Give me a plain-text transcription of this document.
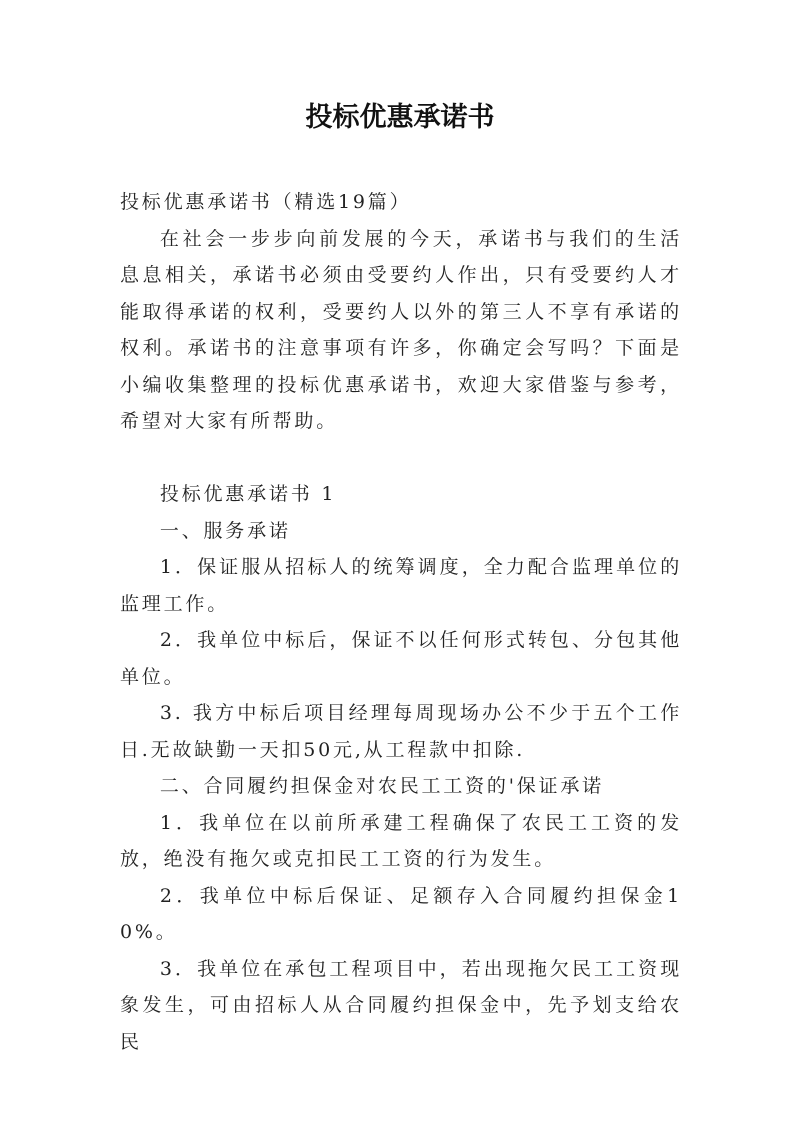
投标优惠承诺书

投标优惠承诺书（精选19篇）

在社会一步步向前发展的今天，承诺书与我们的生活息息相关，承诺书必须由受要约人作出，只有受要约人才能取得承诺的权利，受要约人以外的第三人不享有承诺的权利。承诺书的注意事项有许多，你确定会写吗？下面是小编收集整理的投标优惠承诺书，欢迎大家借鉴与参考，希望对大家有所帮助。

投标优惠承诺书 1

一、服务承诺

1．保证服从招标人的统筹调度，全力配合监理单位的监理工作。

2．我单位中标后，保证不以任何形式转包、分包其他单位。

3. 我方中标后项目经理每周现场办公不少于五个工作日.无故缺勤一天扣50元,从工程款中扣除.

二、合同履约担保金对农民工工资的'保证承诺

1．我单位在以前所承建工程确保了农民工工资的发放，绝没有拖欠或克扣民工工资的行为发生。

2．我单位中标后保证、足额存入合同履约担保金10%。

3．我单位在承包工程项目中，若出现拖欠民工工资现象发生，可由招标人从合同履约担保金中，先予划支给农民
